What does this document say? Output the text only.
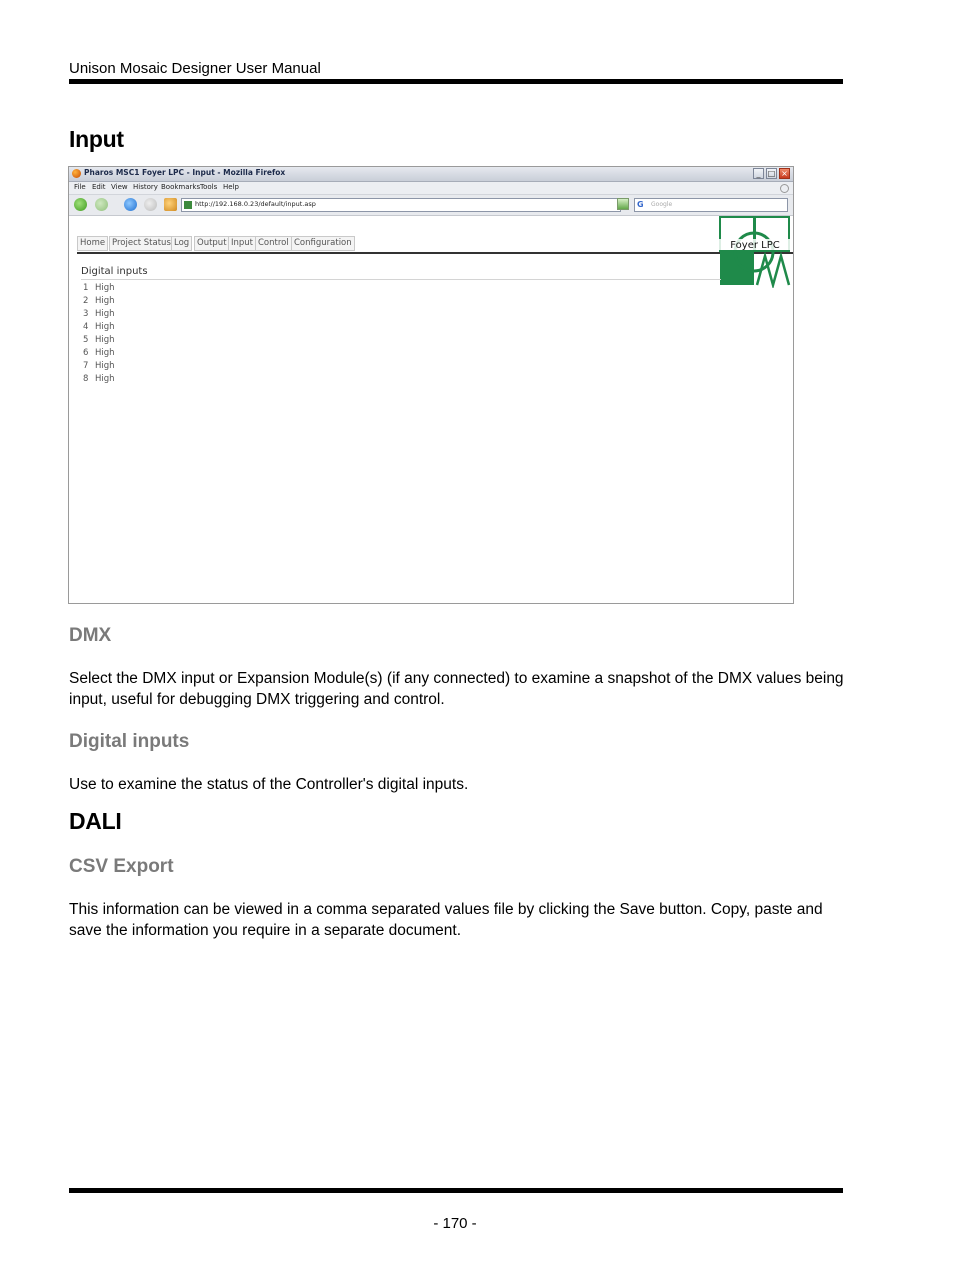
Unison Mosaic Designer User Manual
Input
Pharos MSC1 Foyer LPC - Input - Mozilla Firefox	_ □ ×
File Edit View History Bookmarks Tools Help
http://192.168.0.23/default/input.asp	G Google
Home Project Status Log Output Input Control Configuration	Foyer LPC
Digital inputs
1 High
2 High
3 High
4 High
5 High
6 High
7 High
8 High
DMX
Select the DMX input or Expansion Module(s) (if any connected) to examine a snapshot of the DMX values being input, useful for debugging DMX triggering and control.
Digital inputs
Use to examine the status of the Controller's digital inputs.
DALI
CSV Export
This information can be viewed in a comma separated values file by clicking the Save button. Copy, paste and save the information you require in a separate document.
- 170 -
